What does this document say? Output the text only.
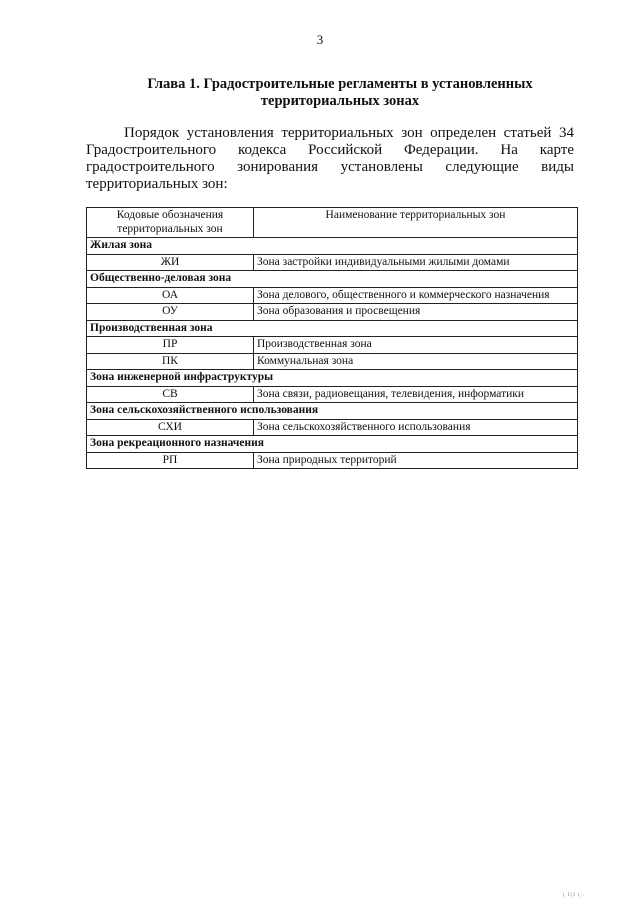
3
Глава 1. Градостроительные регламенты в установленных
территориальных зонах

Порядок установления территориальных зон определен статьей 34 Градостроительного кодекса Российской Федерации. На карте градостроительного зонирования установлены следующие виды территориальных зон:

Кодовые обозначения
территориальных зон	Наименование территориальных зон
Жилая зона	
ЖИ	Зона застройки индивидуальными жилыми домами
Общественно-деловая зона	
ОА	Зона делового, общественного и коммерческого назначения
ОУ	Зона образования и просвещения
Производственная зона	
ПР	Производственная зона
ПК	Коммунальная зона
Зона инженерной инфраструктуры	
СВ	Зона связи, радиовещания, телевидения, информатики
Зона сельскохозяйственного использования	
СХИ	Зона сельскохозяйственного использования
Зона рекреационного назначения	
РП	Зона природных территорий
( I(I ( .
